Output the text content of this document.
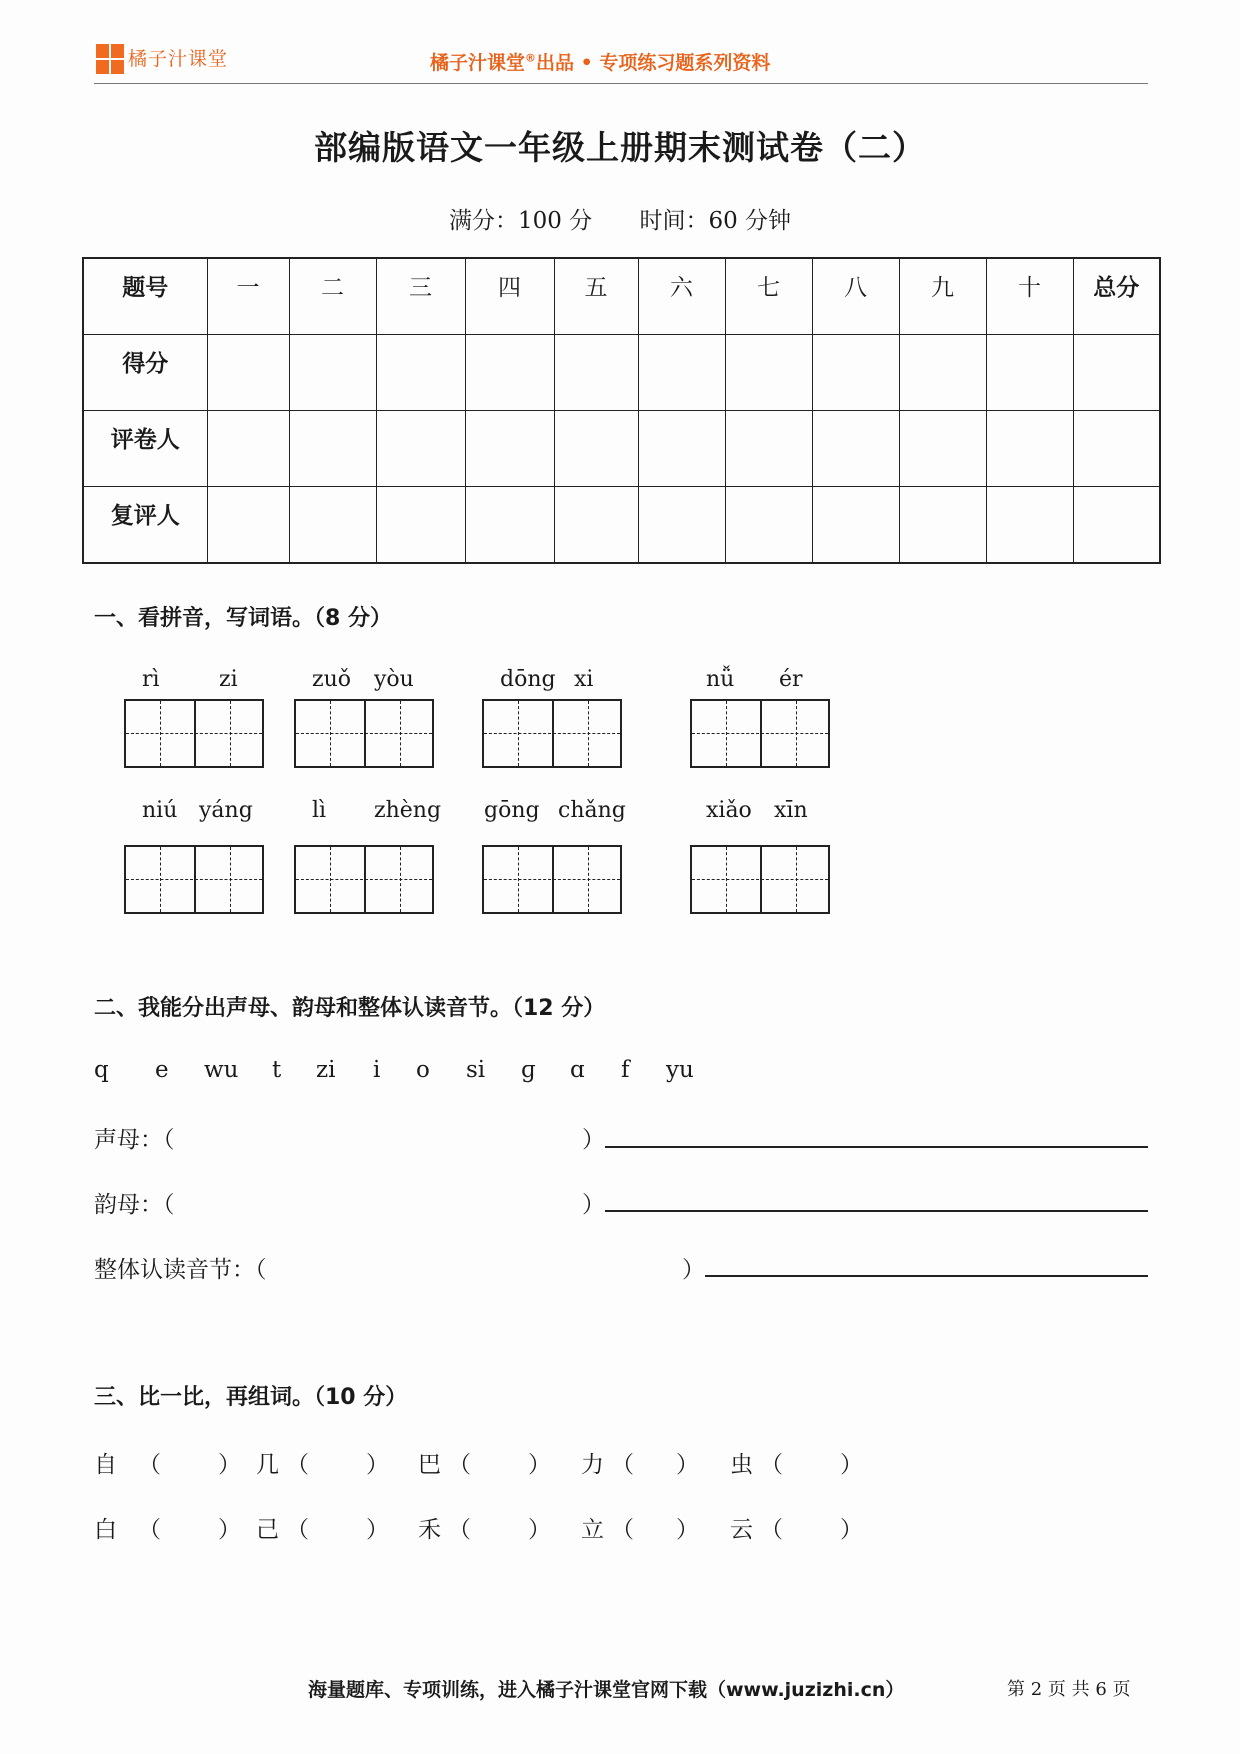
橘子汁课堂	橘子汁课堂®出品 • 专项练习题系列资料
部编版语文一年级上册期末测试卷（二）
满分：100 分 时间：60 分钟
题号	一	二	三	四	五	六	七	八	九	十	总分
得分											
评卷人											
复评人											
一、看拼音，写词语。（8 分）
rì	zi	zuǒ yòu	dōng xi	nǚ ér
niú yáng	lì zhèng gōng chǎng	xiǎo xīn
二、我能分出声母、韵母和整体认读音节。（12 分）
q e wu t zi i o si ɡ ɑ f yu
声母：（	）
韵母：（	）
整体认读音节：（	）
三、比一比，再组词。（10 分）
自 （ ） 几 （ ） 巴 （ ） 力 （ ） 虫 （ ）
白 （ ） 己 （ ） 禾 （ ） 立 （ ） 云 （ ）
海量题库、专项训练，进入橘子汁课堂官网下载（www.juzizhi.cn）	第 2 页 共 6 页
